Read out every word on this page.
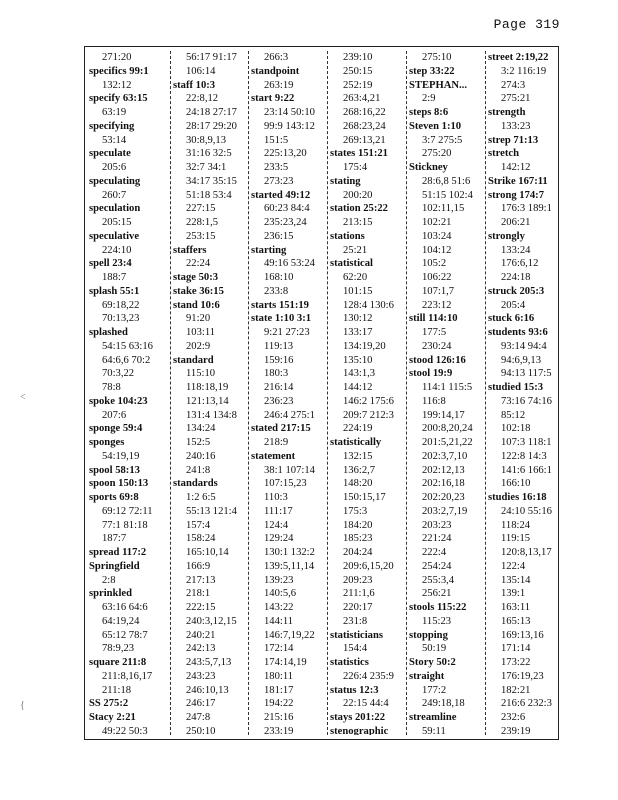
Page 319
<
{
271:20
specifics 99:1
132:12
specify 63:15
63:19
specifying
53:14
speculate
205:6
speculating
260:7
speculation
205:15
speculative
224:10
spell 23:4
188:7
splash 55:1
69:18,22
70:13,23
splashed
54:15 63:16
64:6,6 70:2
70:3,22
78:8
spoke 104:23
207:6
sponge 59:4
sponges
54:19,19
spool 58:13
spoon 150:13
sports 69:8
69:12 72:11
77:1 81:18
187:7
spread 117:2
Springfield
2:8
sprinkled
63:16 64:6
64:19,24
65:12 78:7
78:9,23
square 211:8
211:8,16,17
211:18
SS 275:2
Stacy 2:21
49:22 50:3
56:17 91:17
106:14
staff 10:3
22:8,12
24:18 27:17
28:17 29:20
30:8,9,13
31:16 32:5
32:7 34:1
34:17 35:15
51:18 53:4
227:15
228:1,5
253:15
staffers
22:24
stage 50:3
stake 36:15
stand 10:6
91:20
103:11
202:9
standard
115:10
118:18,19
121:13,14
131:4 134:8
134:24
152:5
240:16
241:8
standards
1:2 6:5
55:13 121:4
157:4
158:24
165:10,14
166:9
217:13
218:1
222:15
240:3,12,15
240:21
242:13
243:5,7,13
243:23
246:10,13
246:17
247:8
250:10
266:3
standpoint
263:19
start 9:22
23:14 50:10
99:9 143:12
151:5
225:13,20
233:5
273:23
started 49:12
60:23 84:4
235:23,24
236:15
starting
49:16 53:24
168:10
233:8
starts 151:19
state 1:10 3:1
9:21 27:23
119:13
159:16
180:3
216:14
236:23
246:4 275:1
stated 217:15
218:9
statement
38:1 107:14
107:15,23
110:3
111:17
124:4
129:24
130:1 132:2
139:5,11,14
139:23
140:5,6
143:22
144:11
146:7,19,22
172:14
174:14,19
180:11
181:17
194:22
215:16
233:19
239:10
250:15
252:19
263:4,21
268:16,22
268:23,24
269:13,21
states 151:21
175:4
stating
200:20
station 25:22
213:15
stations
25:21
statistical
62:20
101:15
128:4 130:6
130:12
133:17
134:19,20
135:10
143:1,3
144:12
146:2 175:6
209:7 212:3
224:19
statistically
132:15
136:2,7
148:20
150:15,17
175:3
184:20
185:23
204:24
209:6,15,20
209:23
211:1,6
220:17
231:8
statisticians
154:4
statistics
226:4 235:9
status 12:3
22:15 44:4
stays 201:22
stenographic
275:10
step 33:22
STEPHAN...
2:9
steps 8:6
Steven 1:10
3:7 275:5
275:20
Stickney
28:6,8 51:6
51:15 102:4
102:11,15
102:21
103:24
104:12
105:2
106:22
107:1,7
223:12
still 114:10
177:5
230:24
stood 126:16
stool 19:9
114:1 115:5
116:8
199:14,17
200:8,20,24
201:5,21,22
202:3,7,10
202:12,13
202:16,18
202:20,23
203:2,7,19
203:23
221:24
222:4
254:24
255:3,4
256:21
stools 115:22
115:23
stopping
50:19
Story 50:2
straight
177:2
249:18,18
streamline
59:11
street 2:19,22
3:2 116:19
274:3
275:21
strength
133:23
strep 71:13
stretch
142:12
Strike 167:11
strong 174:7
176:3 189:1
206:21
strongly
133:24
176:6,12
224:18
struck 205:3
205:4
stuck 6:16
students 93:6
93:14 94:4
94:6,9,13
94:13 117:5
studied 15:3
73:16 74:16
85:12
102:18
107:3 118:1
122:8 14:3
141:6 166:1
166:10
studies 16:18
24:10 55:16
118:24
119:15
120:8,13,17
122:4
135:14
139:1
163:11
165:13
169:13,16
171:14
173:22
176:19,23
182:21
216:6 232:3
232:6
239:19
